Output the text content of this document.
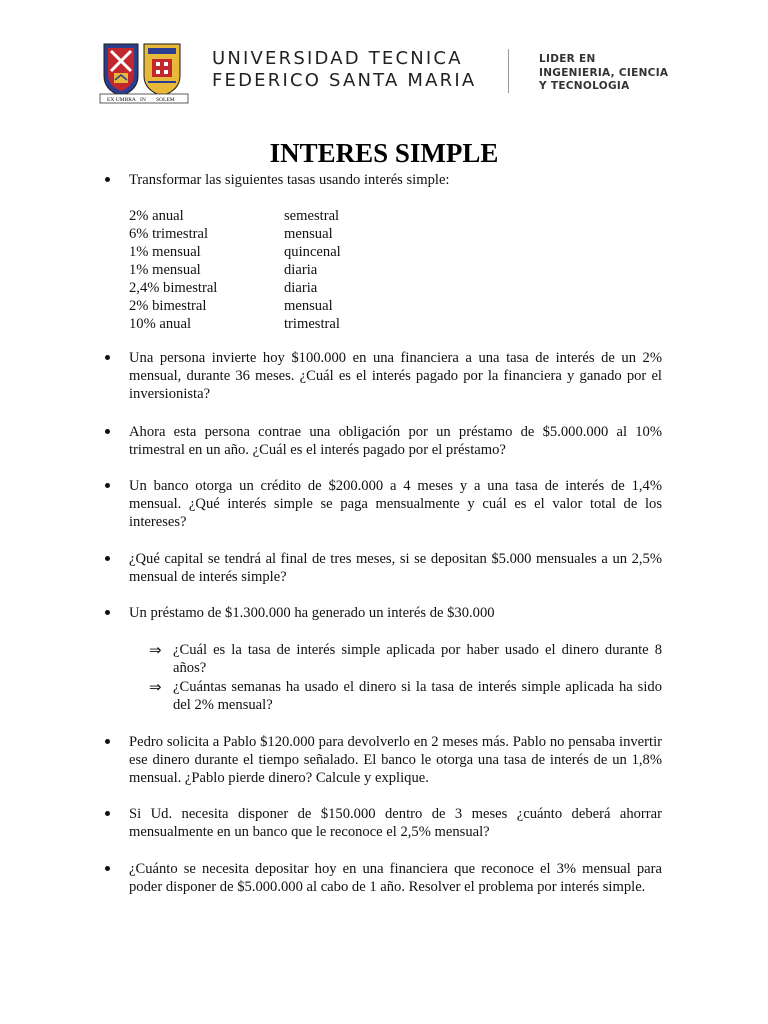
EX UMBRA IN SOLEM
UNIVERSIDAD TECNICA
FEDERICO SANTA MARIA
LIDER EN
INGENIERIA, CIENCIA
Y TECNOLOGIA
INTERES SIMPLE
Transformar las siguientes tasas usando interés simple:
2% anual	semestral
6% trimestral	mensual
1% mensual	quincenal
1% mensual	diaria
2,4% bimestral	diaria
2% bimestral	mensual
10% anual	trimestral
Una persona invierte hoy $100.000 en una financiera a una tasa de interés de un 2% mensual, durante 36 meses. ¿Cuál es el interés pagado por la financiera y ganado por el inversionista?
Ahora esta persona contrae una obligación por un préstamo de $5.000.000 al 10% trimestral en un año. ¿Cuál es el interés pagado por el préstamo?
Un banco otorga un crédito de $200.000 a 4 meses y a una tasa de interés de 1,4% mensual. ¿Qué interés simple se paga mensualmente y cuál es el valor total de los intereses?
¿Qué capital se tendrá al final de tres meses, si se depositan $5.000 mensuales a un 2,5% mensual de interés simple?
Un préstamo de $1.300.000 ha generado un interés de $30.000
⇒ ¿Cuál es la tasa de interés simple aplicada por haber usado el dinero durante 8 años?
⇒ ¿Cuántas semanas ha usado el dinero si la tasa de interés simple aplicada ha sido del 2% mensual?
Pedro solicita a Pablo $120.000 para devolverlo en 2 meses más. Pablo no pensaba invertir ese dinero durante el tiempo señalado. El banco le otorga una tasa de interés de un 1,8% mensual. ¿Pablo pierde dinero? Calcule y explique.
Si Ud. necesita disponer de $150.000 dentro de 3 meses ¿cuánto deberá ahorrar mensualmente en un banco que le reconoce el 2,5% mensual?
¿Cuánto se necesita depositar hoy en una financiera que reconoce el 3% mensual para poder disponer de $5.000.000 al cabo de 1 año. Resolver el problema por interés simple.
